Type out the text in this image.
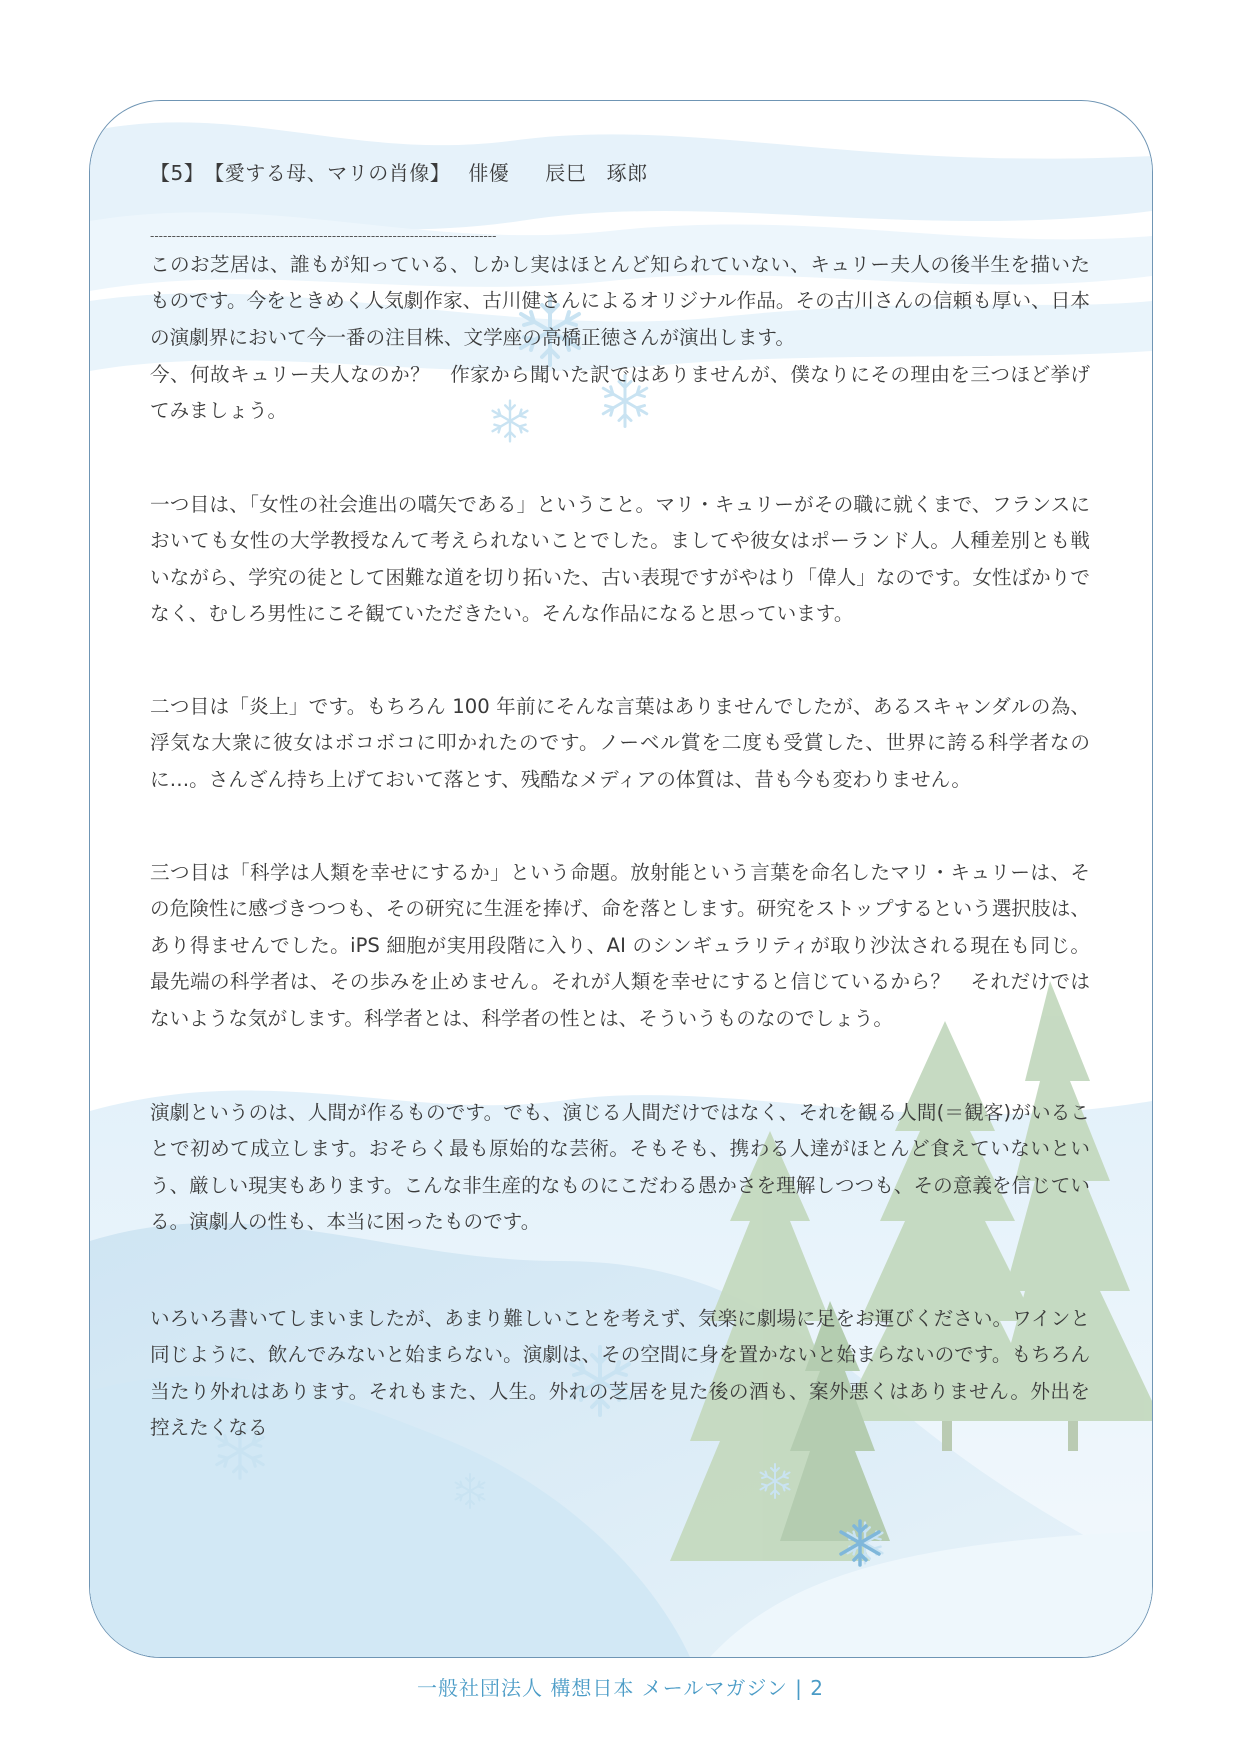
【5】【愛する母、マリの肖像】 俳優 辰巳　琢郎
--------------------------------------------------------------------------------

このお芝居は、誰もが知っている、しかし実はほとんど知られていない、キュリー夫人の後半生を描いたものです。今をときめく人気劇作家、古川健さんによるオリジナル作品。その古川さんの信頼も厚い、日本の演劇界において今一番の注目株、文学座の高橋正徳さんが演出します。

今、何故キュリー夫人なのか？　作家から聞いた訳ではありませんが、僕なりにその理由を三つほど挙げてみましょう。

一つ目は、「女性の社会進出の嚆矢である」ということ。マリ・キュリーがその職に就くまで、フランスにおいても女性の大学教授なんて考えられないことでした。ましてや彼女はポーランド人。人種差別とも戦いながら、学究の徒として困難な道を切り拓いた、古い表現ですがやはり「偉人」なのです。女性ばかりでなく、むしろ男性にこそ観ていただきたい。そんな作品になると思っています。

二つ目は「炎上」です。もちろん 100 年前にそんな言葉はありませんでしたが、あるスキャンダルの為、浮気な大衆に彼女はボコボコに叩かれたのです。ノーベル賞を二度も受賞した、世界に誇る科学者なのに…。さんざん持ち上げておいて落とす、残酷なメディアの体質は、昔も今も変わりません。

三つ目は「科学は人類を幸せにするか」という命題。放射能という言葉を命名したマリ・キュリーは、その危険性に感づきつつも、その研究に生涯を捧げ、命を落とします。研究をストップするという選択肢は、あり得ませんでした。iPS 細胞が実用段階に入り、AI のシンギュラリティが取り沙汰される現在も同じ。最先端の科学者は、その歩みを止めません。それが人類を幸せにすると信じているから？　それだけではないような気がします。科学者とは、科学者の性とは、そういうものなのでしょう。

演劇というのは、人間が作るものです。でも、演じる人間だけではなく、それを観る人間(＝観客)がいることで初めて成立します。おそらく最も原始的な芸術。そもそも、携わる人達がほとんど食えていないという、厳しい現実もあります。こんな非生産的なものにこだわる愚かさを理解しつつも、その意義を信じている。演劇人の性も、本当に困ったものです。

いろいろ書いてしまいましたが、あまり難しいことを考えず、気楽に劇場に足をお運びください。ワインと同じように、飲んでみないと始まらない。演劇は、その空間に身を置かないと始まらないのです。もちろん当たり外れはあります。それもまた、人生。外れの芝居を見た後の酒も、案外悪くはありません。外出を控えたくなる

一般社団法人 構想日本 メールマガジン | 2
